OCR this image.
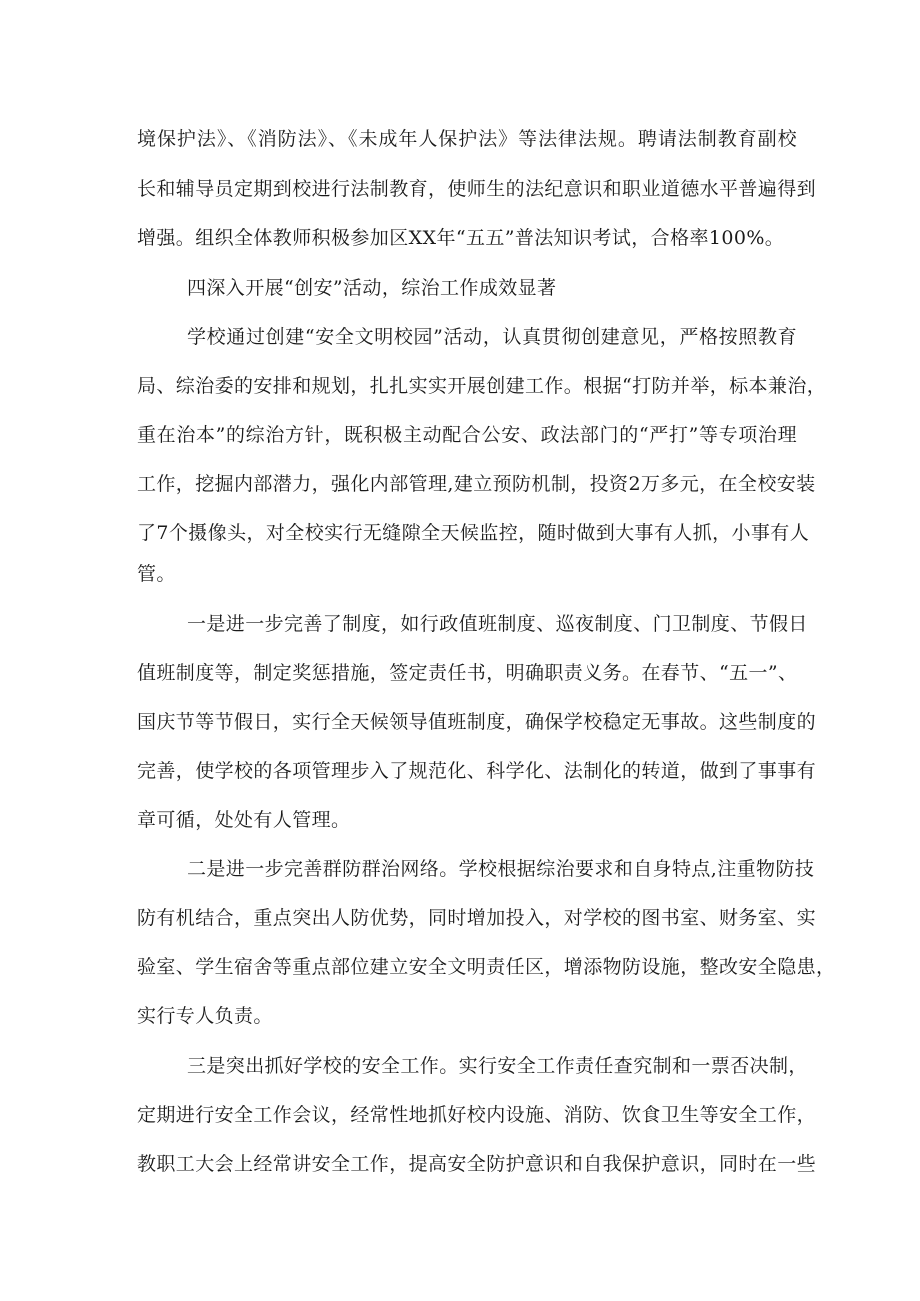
境保护法》、《消防法》、《未成年人保护法》等法律法规。聘请法制教育副校
长和辅导员定期到校进行法制教育，使师生的法纪意识和职业道德水平普遍得到
增强。组织全体教师积极参加区XX年“五五”普法知识考试，合格率100%。
四深入开展“创安”活动，综治工作成效显著
学校通过创建“安全文明校园”活动，认真贯彻创建意见，严格按照教育
局、综治委的安排和规划，扎扎实实开展创建工作。根据“打防并举，标本兼治，
重在治本”的综治方针，既积极主动配合公安、政法部门的“严打”等专项治理
工作，挖掘内部潜力，强化内部管理,建立预防机制，投资2万多元，在全校安装
了7个摄像头，对全校实行无缝隙全天候监控，随时做到大事有人抓，小事有人
管。
一是进一步完善了制度，如行政值班制度、巡夜制度、门卫制度、节假日
值班制度等，制定奖惩措施，签定责任书，明确职责义务。在春节、“五一”、
国庆节等节假日，实行全天候领导值班制度，确保学校稳定无事故。这些制度的
完善，使学校的各项管理步入了规范化、科学化、法制化的转道，做到了事事有
章可循，处处有人管理。
二是进一步完善群防群治网络。学校根据综治要求和自身特点,注重物防技
防有机结合，重点突出人防优势，同时增加投入，对学校的图书室、财务室、实
验室、学生宿舍等重点部位建立安全文明责任区，增添物防设施，整改安全隐患，
实行专人负责。
三是突出抓好学校的安全工作。实行安全工作责任查究制和一票否决制，
定期进行安全工作会议，经常性地抓好校内设施、消防、饮食卫生等安全工作，
教职工大会上经常讲安全工作，提高安全防护意识和自我保护意识，同时在一些
